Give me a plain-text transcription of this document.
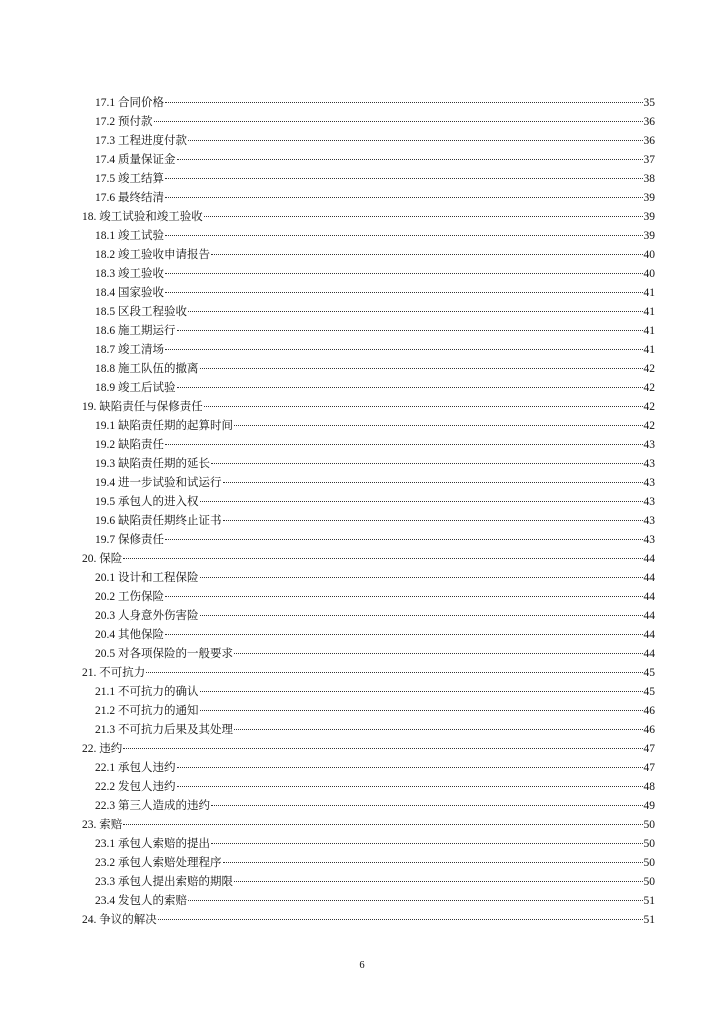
17.1 合同价格	35
17.2 预付款	36
17.3 工程进度付款	36
17.4 质量保证金	37
17.5 竣工结算	38
17.6 最终结清	39
18. 竣工试验和竣工验收	39
18.1 竣工试验	39
18.2 竣工验收申请报告	40
18.3 竣工验收	40
18.4 国家验收	41
18.5 区段工程验收	41
18.6 施工期运行	41
18.7 竣工清场	41
18.8 施工队伍的撤离	42
18.9 竣工后试验	42
19. 缺陷责任与保修责任	42
19.1 缺陷责任期的起算时间	42
19.2 缺陷责任	43
19.3 缺陷责任期的延长	43
19.4 进一步试验和试运行	43
19.5 承包人的进入权	43
19.6 缺陷责任期终止证书	43
19.7 保修责任	43
20. 保险	44
20.1 设计和工程保险	44
20.2 工伤保险	44
20.3 人身意外伤害险	44
20.4 其他保险	44
20.5 对各项保险的一般要求	44
21. 不可抗力	45
21.1 不可抗力的确认	45
21.2 不可抗力的通知	46
21.3 不可抗力后果及其处理	46
22. 违约	47
22.1 承包人违约	47
22.2 发包人违约	48
22.3 第三人造成的违约	49
23. 索赔	50
23.1 承包人索赔的提出	50
23.2 承包人索赔处理程序	50
23.3 承包人提出索赔的期限	50
23.4 发包人的索赔	51
24. 争议的解决	51
6
